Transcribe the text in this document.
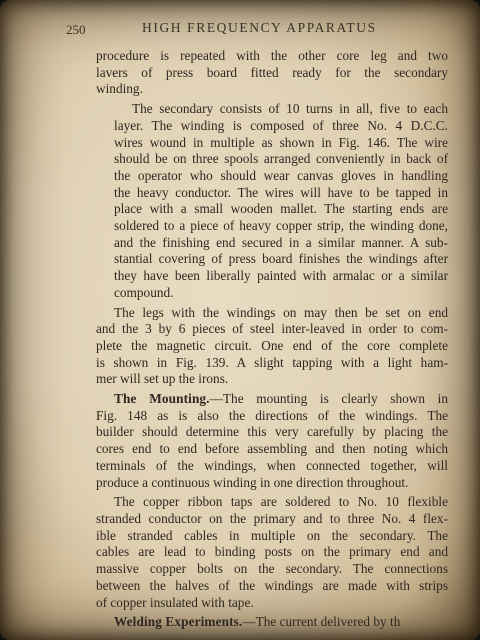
250	HIGH FREQUENCY APPARATUS

procedure is repeated with the other core leg and two
lavers of press board fitted ready for the secondary
winding.

The secondary consists of 10 turns in all, five to each
layer. The winding is composed of three No. 4 D.C.C.
wires wound in multiple as shown in Fig. 146. The wire
should be on three spools arranged conveniently in back of
the operator who should wear canvas gloves in handling
the heavy conductor. The wires will have to be tapped in
place with a small wooden mallet. The starting ends are
soldered to a piece of heavy copper strip, the winding done,
and the finishing end secured in a similar manner. A sub-
stantial covering of press board finishes the windings after
they have been liberally painted with armalac or a similar
compound.

The legs with the windings on may then be set on end
and the 3 by 6 pieces of steel inter-leaved in order to com-
plete the magnetic circuit. One end of the core complete
is shown in Fig. 139. A slight tapping with a light ham-
mer will set up the irons.

The Mounting.—The mounting is clearly shown in
Fig. 148 as is also the directions of the windings. The
builder should determine this very carefully by placing the
cores end to end before assembling and then noting which
terminals of the windings, when connected together, will
produce a continuous winding in one direction throughout.

The copper ribbon taps are soldered to No. 10 flexible
stranded conductor on the primary and to three No. 4 flex-
ible stranded cables in multiple on the secondary. The
cables are lead to binding posts on the primary end and
massive copper bolts on the secondary. The connections
between the halves of the windings are made with strips
of copper insulated with tape.

Welding Experiments.—The current delivered by th
